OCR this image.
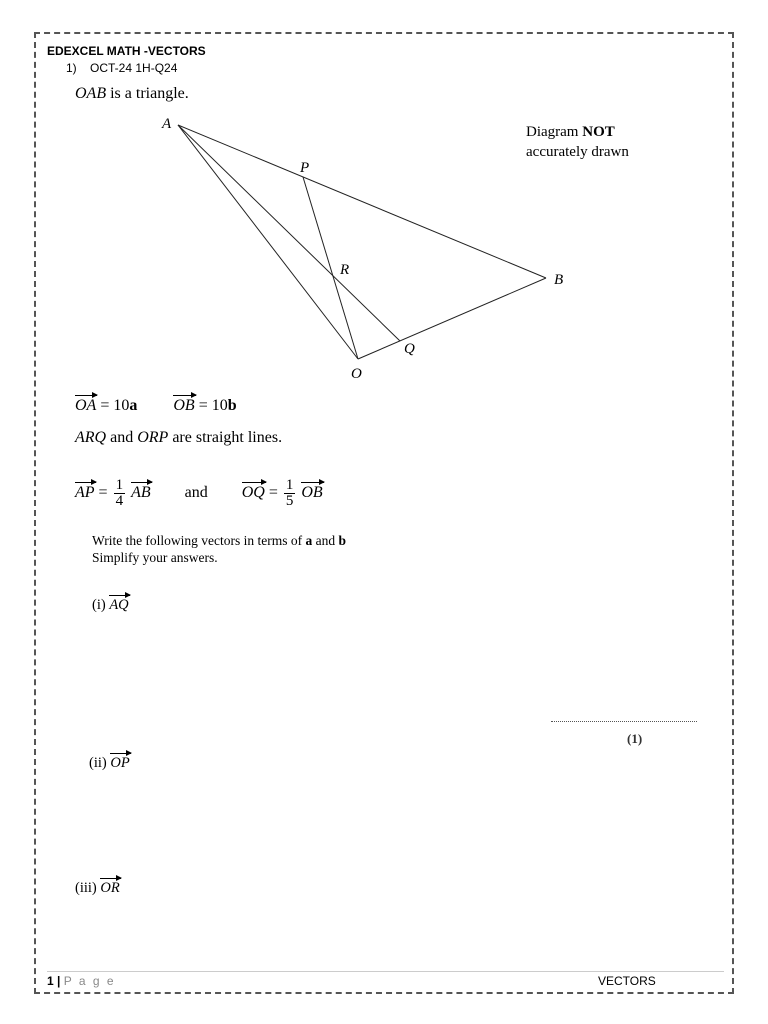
EDEXCEL MATH -VECTORS
1) OCT-24 1H-Q24
OAB is a triangle.
A
P
R
B
Q
O
Diagram NOT
accurately drawn
OA = 10a OB = 10b
ARQ and ORP are straight lines.
AP = $\frac{1}{4}$ AB and OQ = $\frac{1}{5}$ OB
Write the following vectors in terms of a and b
Simplify your answers.
(i) AQ
(1)
(ii) OP
(iii) OR
1 | P a g e	VECTORS
